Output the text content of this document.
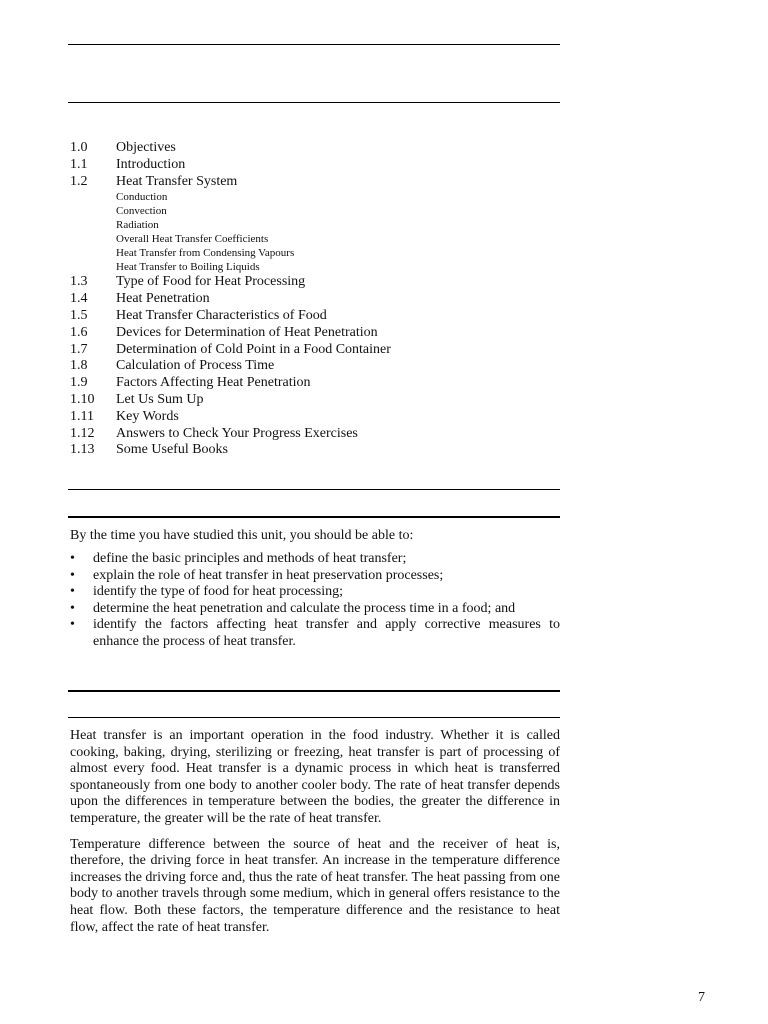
1.0	Objectives
1.1	Introduction
1.2	Heat Transfer System
Conduction
Convection
Radiation
Overall Heat Transfer Coefficients
Heat Transfer from Condensing Vapours
Heat Transfer to Boiling Liquids
1.3	Type of Food for Heat Processing
1.4	Heat Penetration
1.5	Heat Transfer Characteristics of Food
1.6	Devices for Determination of Heat Penetration
1.7	Determination of Cold Point in a Food Container
1.8	Calculation of Process Time
1.9	Factors Affecting Heat Penetration
1.10	Let Us Sum Up
1.11	Key Words
1.12	Answers to Check Your Progress Exercises
1.13	Some Useful Books

By the time you have studied this unit, you should be able to:

• define the basic principles and methods of heat transfer;
• explain the role of heat transfer in heat preservation processes;
• identify the type of food for heat processing;
• determine the heat penetration and calculate the process time in a food; and
• identify the factors affecting heat transfer and apply corrective measures to enhance the process of heat transfer.

Heat transfer is an important operation in the food industry. Whether it is called cooking, baking, drying, sterilizing or freezing, heat transfer is part of processing of almost every food. Heat transfer is a dynamic process in which heat is transferred spontaneously from one body to another cooler body. The rate of heat transfer depends upon the differences in temperature between the bodies, the greater the difference in temperature, the greater will be the rate of heat transfer.

Temperature difference between the source of heat and the receiver of heat is, therefore, the driving force in heat transfer. An increase in the temperature difference increases the driving force and, thus the rate of heat transfer. The heat passing from one body to another travels through some medium, which in general offers resistance to the heat flow. Both these factors, the temperature difference and the resistance to heat flow, affect the rate of heat transfer.

7
